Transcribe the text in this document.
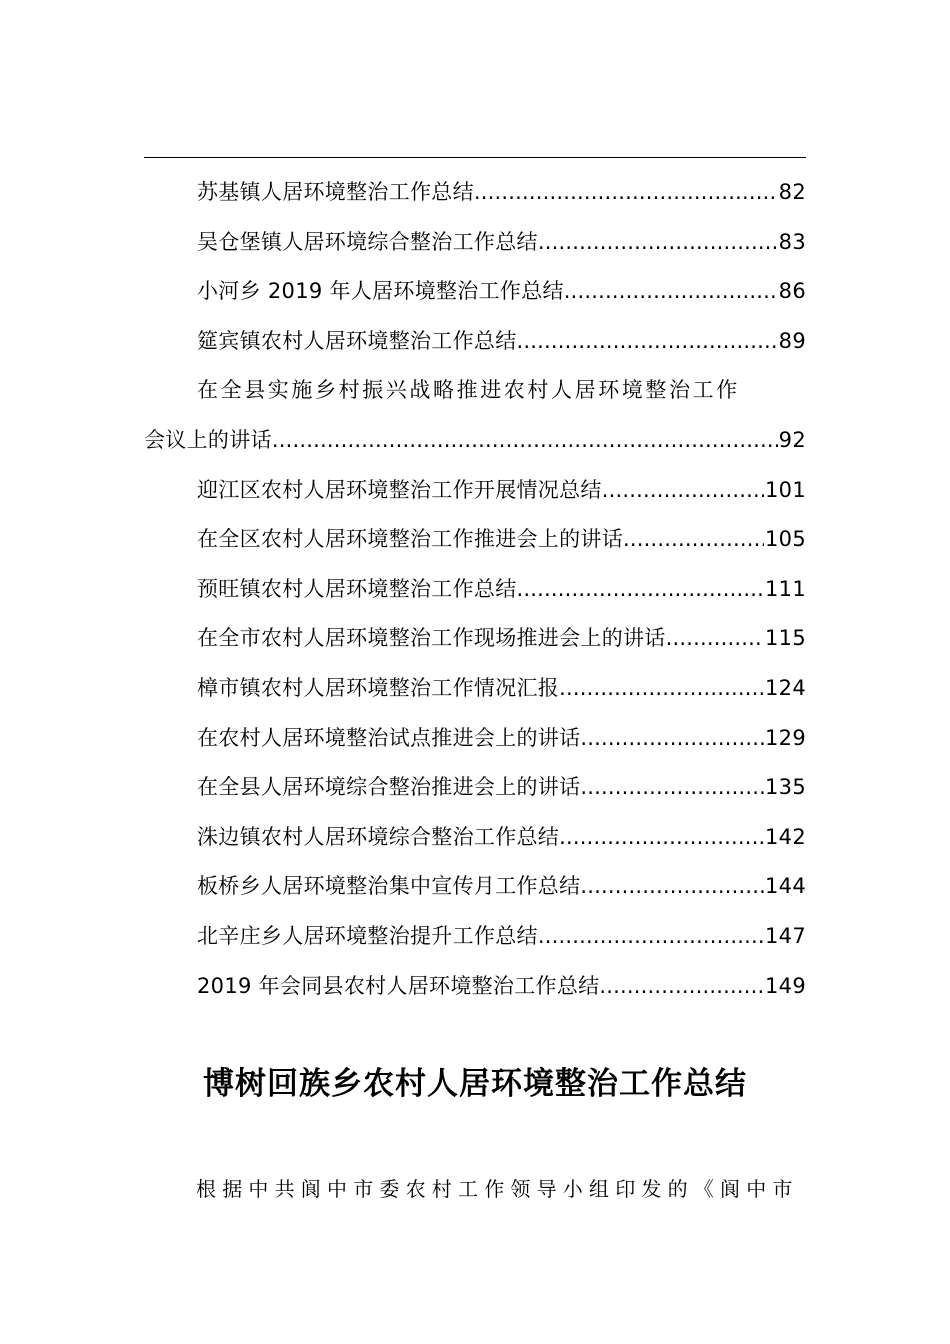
苏基镇人居环境整治工作总结 .....	82
吴仓堡镇人居环境综合整治工作总结 .....	83
小河乡 2019 年人居环境整治工作总结 .....	86
筵宾镇农村人居环境整治工作总结 .....	89
在全县实施乡村振兴战略推进农村人居环境整治工作
会议上的讲话 .....	92
迎江区农村人居环境整治工作开展情况总结 .....	101
在全区农村人居环境整治工作推进会上的讲话 .....	105
预旺镇农村人居环境整治工作总结 .....	111
在全市农村人居环境整治工作现场推进会上的讲话 .....	115
樟市镇农村人居环境整治工作情况汇报 .....	124
在农村人居环境整治试点推进会上的讲话 .....	129
在全县人居环境综合整治推进会上的讲话 .....	135
洙边镇农村人居环境综合整治工作总结 .....	142
板桥乡人居环境整治集中宣传月工作总结 .....	144
北辛庄乡人居环境整治提升工作总结 .....	147
2019 年会同县农村人居环境整治工作总结 .....	149
博树回族乡农村人居环境整治工作总结
根据中共阆中市委农村工作领导小组印发的《阆中市
